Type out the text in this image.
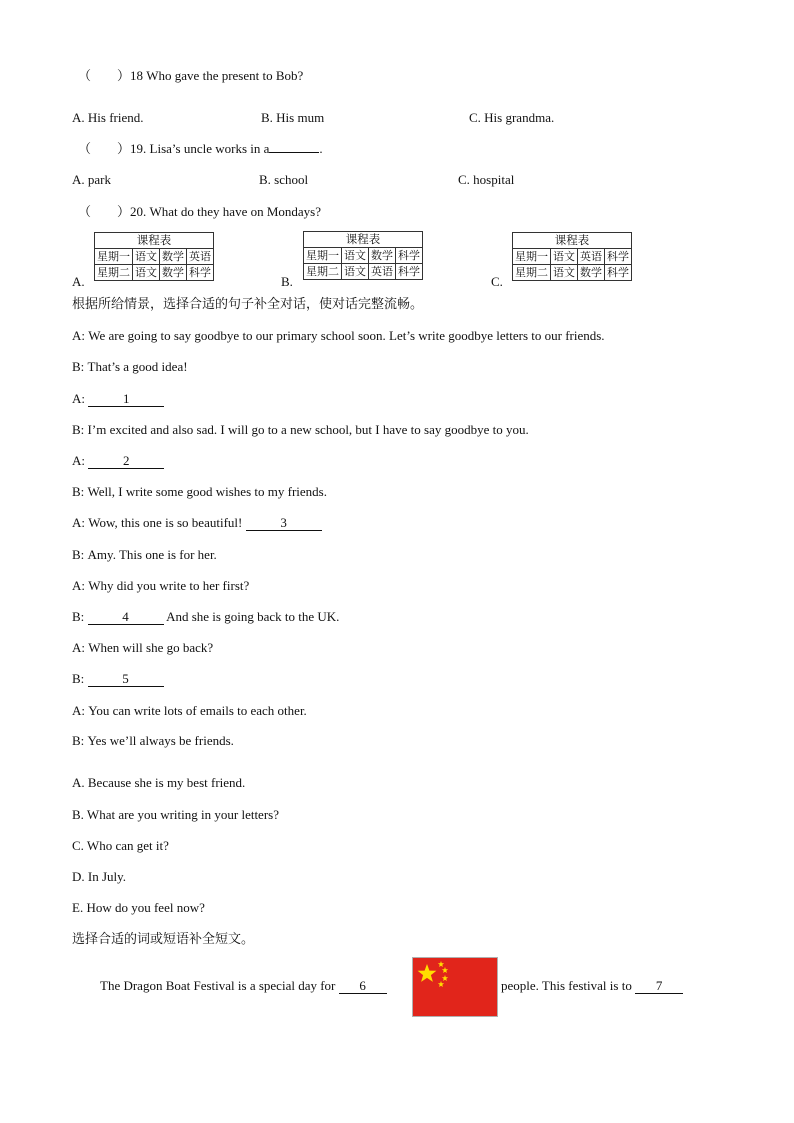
（　　）18 Who gave the present to Bob?
A. His friend.	B. His mum	C. His grandma.
（　　）19. Lisa’s uncle works in a	.
A. park	B. school	C. hospital
（　　）20. What do they have on Mondays?
A.
课程表			
星期一	语文	数学	英语
星期二	语文	数学	科学
B.
课程表			
星期一	语文	数学	科学
星期二	语文	英语	科学
C.
课程表			
星期一	语文	英语	科学
星期二	语文	数学	科学
根据所给情景，选择合适的句子补全对话，使对话完整流畅。
A: We are going to say goodbye to our primary school soon. Let’s write goodbye letters to our friends.
B: That’s a good idea!
A:	1
B: I’m excited and also sad. I will go to a new school, but I have to say goodbye to you.
A:	2
B: Well, I write some good wishes to my friends.
A: Wow, this one is so beautiful!	3
B: Amy. This one is for her.
A: Why did you write to her first?
B:	4	And she is going back to the UK.
A: When will she go back?
B:	5
A: You can write lots of emails to each other.
B: Yes we’ll always be friends.
A. Because she is my best friend.
B. What are you writing in your letters?
C. Who can get it?
D. In July.
E. How do you feel now?
选择合适的词或短语补全短文。
The Dragon Boat Festival is a special day for 6	people. This festival is to 7
